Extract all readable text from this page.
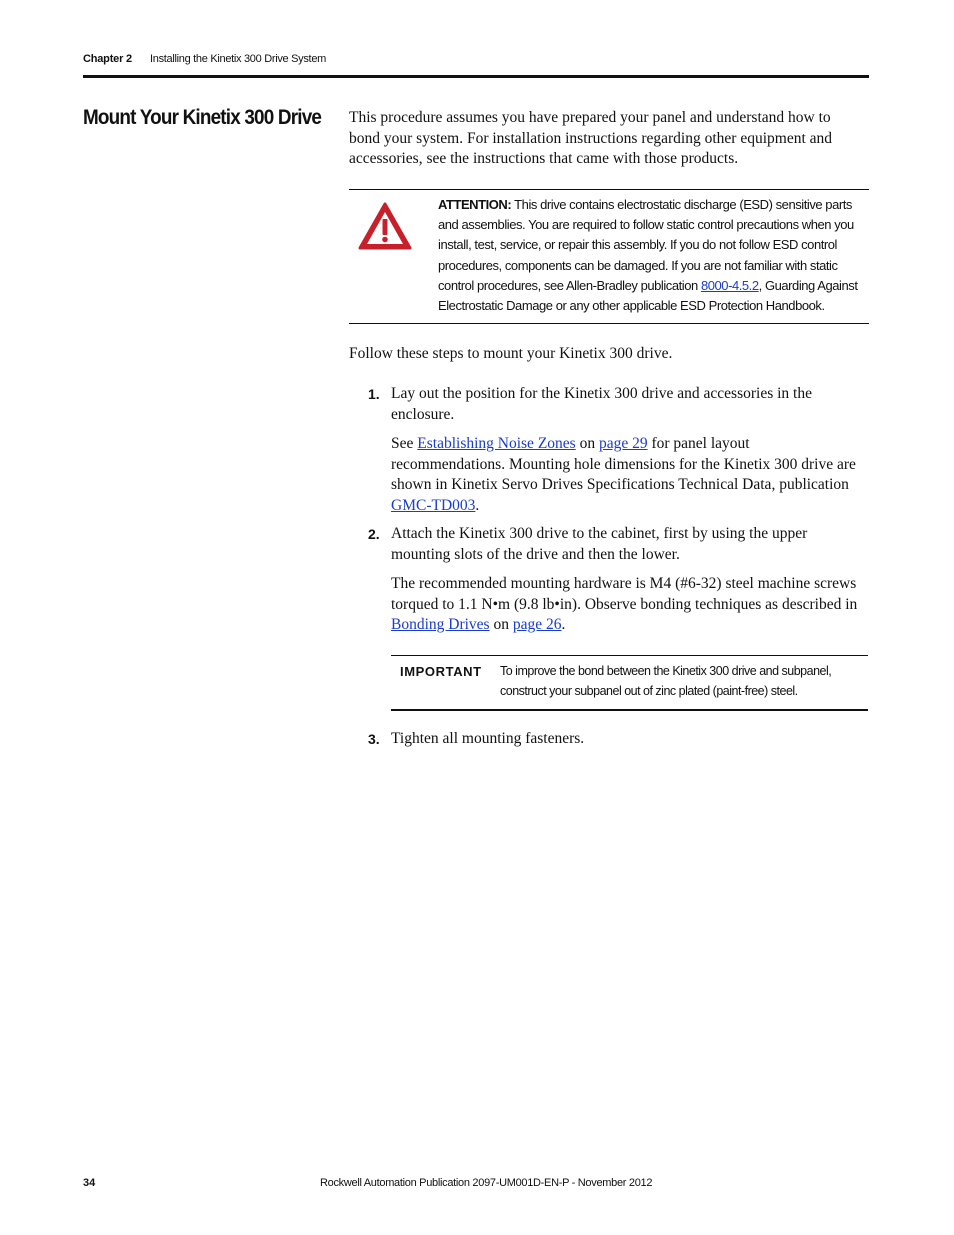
Chapter 2 Installing the Kinetix 300 Drive System
Mount Your Kinetix 300 Drive This procedure assumes you have prepared your panel and understand how to bond your system. For installation instructions regarding other equipment and accessories, see the instructions that came with those products.
ATTENTION: This drive contains electrostatic discharge (ESD) sensitive parts and assemblies. You are required to follow static control precautions when you install, test, service, or repair this assembly. If you do not follow ESD control procedures, components can be damaged. If you are not familiar with static control procedures, see Allen-Bradley publication 8000-4.5.2, Guarding Against Electrostatic Damage or any other applicable ESD Protection Handbook.
Follow these steps to mount your Kinetix 300 drive.
1. Lay out the position for the Kinetix 300 drive and accessories in the enclosure.
See Establishing Noise Zones on page 29 for panel layout recommendations. Mounting hole dimensions for the Kinetix 300 drive are shown in Kinetix Servo Drives Specifications Technical Data, publication GMC-TD003.
2. Attach the Kinetix 300 drive to the cabinet, first by using the upper mounting slots of the drive and then the lower.
The recommended mounting hardware is M4 (#6-32) steel machine screws torqued to 1.1 N•m (9.8 lb•in). Observe bonding techniques as described in Bonding Drives on page 26.
IMPORTANT To improve the bond between the Kinetix 300 drive and subpanel, construct your subpanel out of zinc plated (paint-free) steel.
3. Tighten all mounting fasteners.
34	Rockwell Automation Publication 2097-UM001D-EN-P - November 2012
